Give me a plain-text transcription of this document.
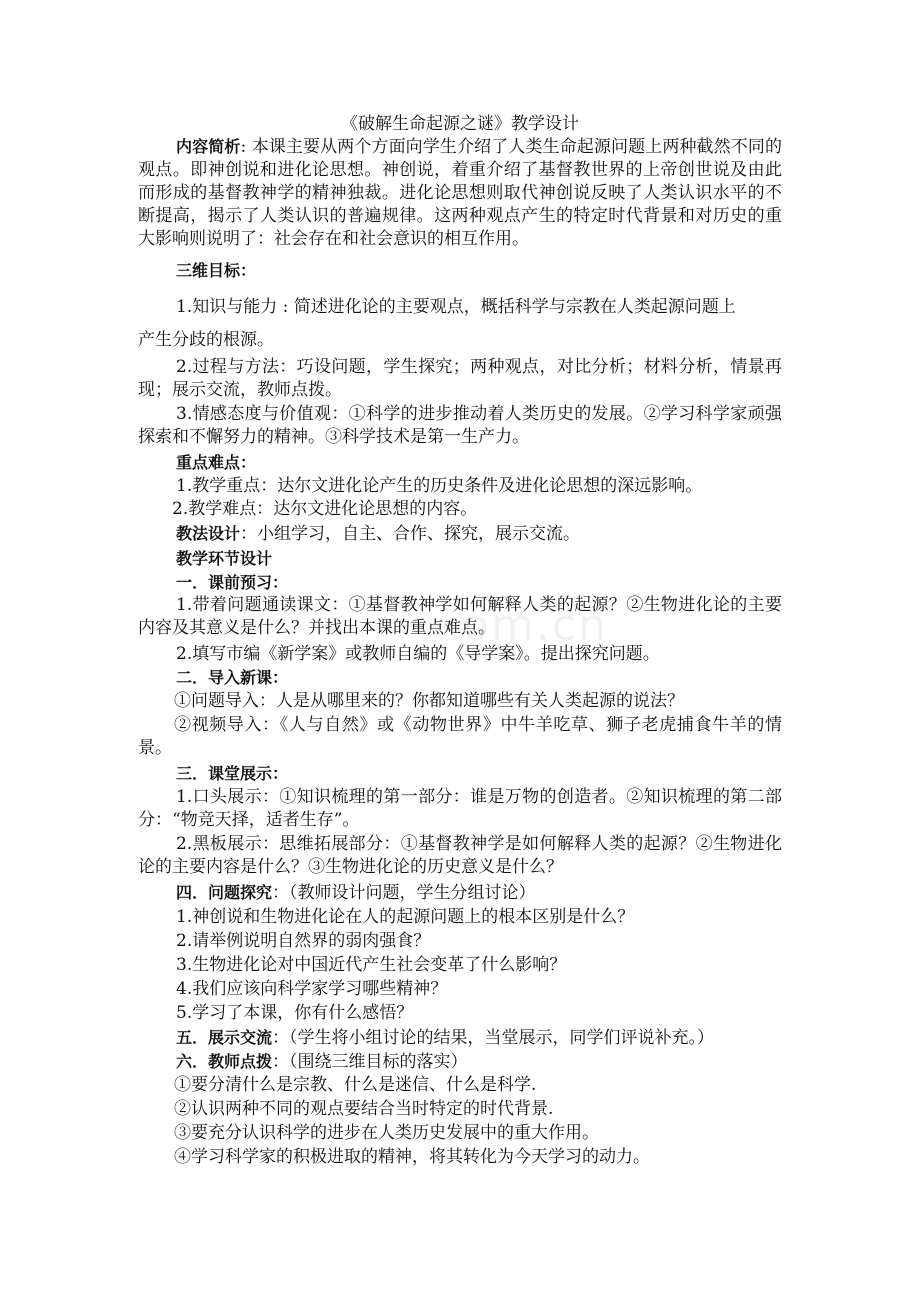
om.cn
《破解生命起源之谜》教学设计
内容简析: 本课主要从两个方面向学生介绍了人类生命起源问题上两种截然不同的观点。即神创说和进化论思想。神创说，着重介绍了基督教世界的上帝创世说及由此而形成的基督教神学的精神独裁。进化论思想则取代神创说反映了人类认识水平的不断提高，揭示了人类认识的普遍规律。这两种观点产生的特定时代背景和对历史的重大影响则说明了：社会存在和社会意识的相互作用。
三维目标：
1.知识与能力 : 简述进化论的主要观点，概括科学与宗教在人类起源问题上
产生分歧的根源。
2.过程与方法：巧设问题，学生探究；两种观点，对比分析；材料分析，情景再现；展示交流，教师点拨。
3.情感态度与价值观：①科学的进步推动着人类历史的发展。②学习科学家顽强探索和不懈努力的精神。③科学技术是第一生产力。
重点难点：
1.教学重点：达尔文进化论产生的历史条件及进化论思想的深远影响。
2.教学难点：达尔文进化论思想的内容。
教法设计：小组学习，自主、合作、探究，展示交流。
教学环节设计
一．课前预习：
1.带着问题通读课文：①基督教神学如何解释人类的起源？②生物进化论的主要内容及其意义是什么？并找出本课的重点难点。
2.填写市编《新学案》或教师自编的《导学案》。提出探究问题。
二．导入新课：
①问题导入：人是从哪里来的？你都知道哪些有关人类起源的说法？
②视频导入：《人与自然》或《动物世界》中牛羊吃草、狮子老虎捕食牛羊的情景。
三．课堂展示：
1.口头展示：①知识梳理的第一部分：谁是万物的创造者。②知识梳理的第二部分：“物竞天择，适者生存”。
2.黑板展示：思维拓展部分：①基督教神学是如何解释人类的起源？②生物进化论的主要内容是什么？③生物进化论的历史意义是什么？
四．问题探究：（教师设计问题，学生分组讨论）
1.神创说和生物进化论在人的起源问题上的根本区别是什么？
2.请举例说明自然界的弱肉强食？
3.生物进化论对中国近代产生社会变革了什么影响？
4.我们应该向科学家学习哪些精神？
5.学习了本课，你有什么感悟？
五．展示交流：（学生将小组讨论的结果，当堂展示，同学们评说补充。）
六．教师点拨：（围绕三维目标的落实）
①要分清什么是宗教、什么是迷信、什么是科学.
②认识两种不同的观点要结合当时特定的时代背景.
③要充分认识科学的进步在人类历史发展中的重大作用。
④学习科学家的积极进取的精神，将其转化为今天学习的动力。
